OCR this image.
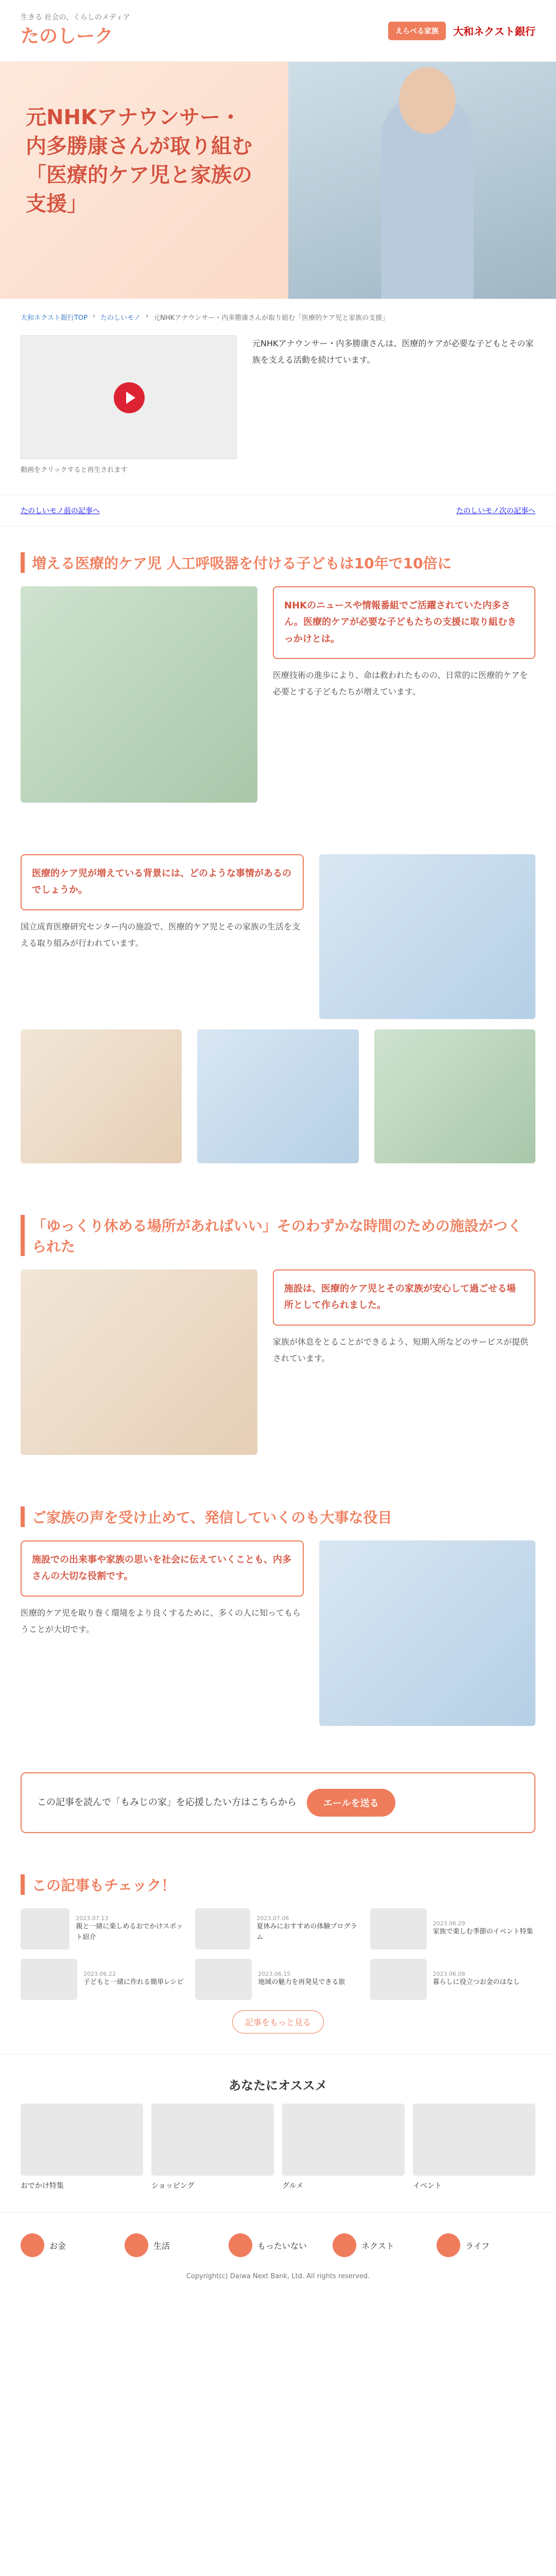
生きる 社会の、くらしのメディア
たのしーク	えらべる家族	大和ネクスト銀行
元NHKアナウンサー・
内多勝康さんが取り組む
「医療的ケア児と家族の支援」
大和ネクスト銀行TOP › たのしいモノ › 元NHKアナウンサー・内多勝康さんが取り組む「医療的ケア児と家族の支援」
動画をクリックすると再生されます
元NHKアナウンサー・内多勝康さんは、医療的ケアが必要な子どもとその家族を支える活動を続けています。
たのしいモノ前の記事へ	たのしいモノ次の記事へ
増える医療的ケア児 人工呼吸器を付ける子どもは10年で10倍に
NHKのニュースや情報番組でご活躍されていた内多さん。医療的ケアが必要な子どもたちの支援に取り組むきっかけとは。
医療技術の進歩により、命は救われたものの、日常的に医療的ケアを必要とする子どもたちが増えています。
医療的ケア児が増えている背景には、どのような事情があるのでしょうか。
国立成育医療研究センター内の施設で、医療的ケア児とその家族の生活を支える取り組みが行われています。
「ゆっくり休める場所があればいい」そのわずかな時間のための施設がつくられた
施設は、医療的ケア児とその家族が安心して過ごせる場所として作られました。
家族が休息をとることができるよう、短期入所などのサービスが提供されています。
ご家族の声を受け止めて、発信していくのも大事な役目
施設での出来事や家族の思いを社会に伝えていくことも、内多さんの大切な役割です。
医療的ケア児を取り巻く環境をより良くするために、多くの人に知ってもらうことが大切です。
この記事を読んで「もみじの家」を応援したい方はこちらから	エールを送る
この記事もチェック！
2023.07.13
親と一緒に楽しめるおでかけスポット紹介
2023.07.06
夏休みにおすすめの体験プログラム
2023.06.29
家族で楽しむ季節のイベント特集
2023.06.22
子どもと一緒に作れる簡単レシピ
2023.06.15
地域の魅力を再発見できる旅
2023.06.08
暮らしに役立つお金のはなし
記事をもっと見る
あなたにオススメ
おでかけ特集	ショッピング	グルメ	イベント
お金	生活	もったいない	ネクスト	ライフ
Copyright(c) Daiwa Next Bank, Ltd. All rights reserved.
